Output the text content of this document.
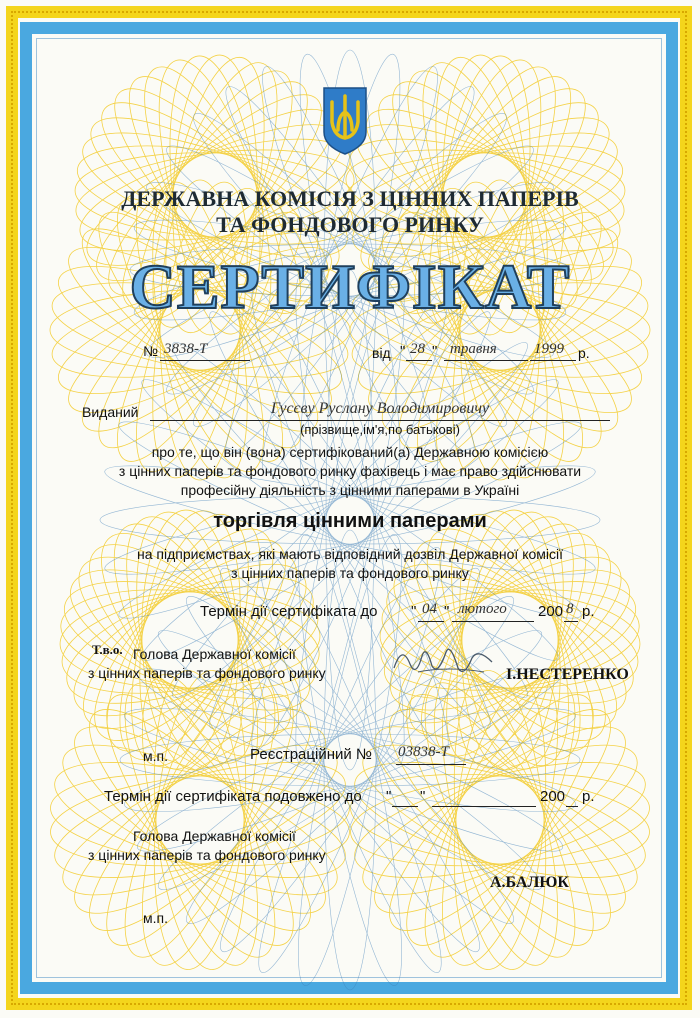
ДЕРЖАВНА КОМІСІЯ З ЦІННИХ ПАПЕРІВ
ТА ФОНДОВОГО РИНКУ
СЕРТИФІКАТ
№ 3838-Т	від " 28 " травня 1999 р.
Виданий	Гусєву Руслану Володимировичу
(прізвище,ім'я,по батькові)
про те, що він (вона) сертифікований(а) Державною комісією
з цінних паперів та фондового ринку фахівець і має право здійснювати
професійну діяльність з цінними паперами в Україні
торгівля цінними паперами
на підприємствах, які мають відповідний дозвіл Державної комісії
з цінних паперів та фондового ринку
Термін дії сертифіката до " 04 " лютого 200 8 р.
Т.в.о. Голова Державної комісії
з цінних паперів та фондового ринку	І.НЕСТЕРЕНКО
м.п.	Реєстраційний № 03838-Т
Термін дії сертифіката подовжено до " "	200 р.
Голова Державної комісії
з цінних паперів та фондового ринку
А.БАЛЮК
м.п.
